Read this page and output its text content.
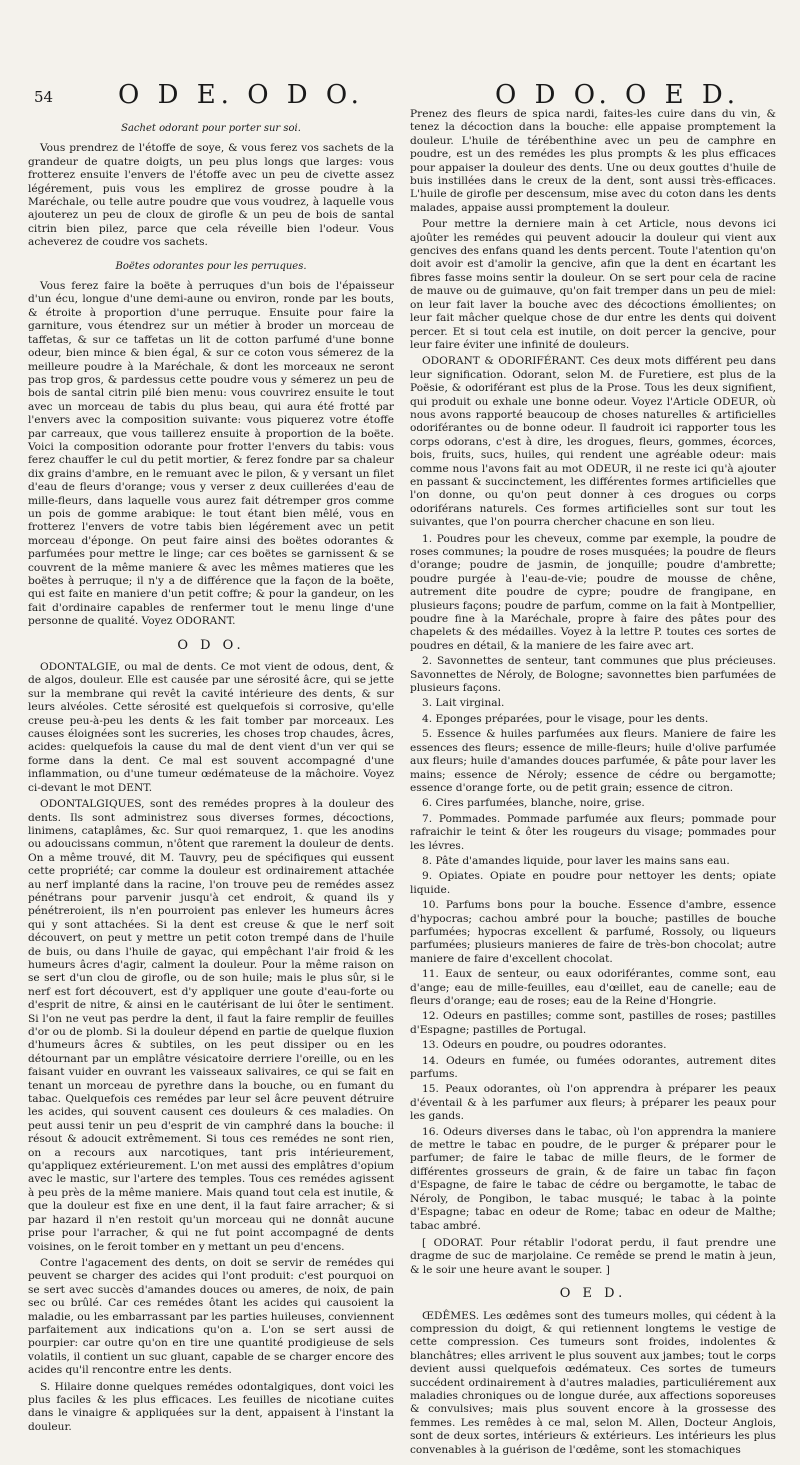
54 O D E. O D O.	O D O. O E D.

Sachet odorant pour porter sur soi.

Vous prendrez de l'étoffe de soye, & vous ferez vos sachets de la grandeur de quatre doigts, un peu plus longs que larges: vous frotterez ensuite l'envers de l'étoffe avec un peu de civette assez légérement, puis vous les emplirez de grosse poudre à la Maréchale, ou telle autre poudre que vous voudrez, à laquelle vous ajouterez un peu de cloux de girofle & un peu de bois de santal citrin bien pilez, parce que cela réveille bien l'odeur. Vous acheverez de coudre vos sachets.

Boëtes odorantes pour les perruques.

Vous ferez faire la boëte à perruques d'un bois de l'épaisseur d'un écu, longue d'une demi-aune ou environ, ronde par les bouts, & étroite à proportion d'une perruque. Ensuite pour faire la garniture, vous étendrez sur un métier à broder un morceau de taffetas, & sur ce taffetas un lit de cotton parfumé d'une bonne odeur, bien mince & bien égal, & sur ce coton vous sémerez de la meilleure poudre à la Maréchale, & dont les morceaux ne seront pas trop gros, & pardessus cette poudre vous y sémerez un peu de bois de santal citrin pilé bien menu: vous couvrirez ensuite le tout avec un morceau de tabis du plus beau, qui aura été frotté par l'envers avec la composition suivante: vous piquerez votre étoffe par carreaux, que vous taillerez ensuite à proportion de la boëte. Voici la composition odorante pour frotter l'envers du tabis: vous ferez chauffer le cul du petit mortier, & ferez fondre par sa chaleur dix grains d'ambre, en le remuant avec le pilon, & y versant un filet d'eau de fleurs d'orange; vous y verser z deux cuillerées d'eau de mille-fleurs, dans laquelle vous aurez fait détremper gros comme un pois de gomme arabique: le tout étant bien mêlé, vous en frotterez l'envers de votre tabis bien légérement avec un petit morceau d'éponge. On peut faire ainsi des boëtes odorantes & parfumées pour mettre le linge; car ces boëtes se garnissent & se couvrent de la même maniere & avec les mêmes matieres que les boëtes à perruque; il n'y a de différence que la façon de la boëte, qui est faite en maniere d'un petit coffre; & pour la gandeur, on les fait d'ordinaire capables de renfermer tout le menu linge d'une personne de qualité. Voyez ODORANT.

O D O.

ODONTALGIE, ou mal de dents. Ce mot vient de odous, dent, & de algos, douleur. Elle est causée par une sérosité âcre, qui se jette sur la membrane qui revêt la cavité intérieure des dents, & sur leurs alvéoles. Cette sérosité est quelquefois si corrosive, qu'elle creuse peu-à-peu les dents & les fait tomber par morceaux. Les causes éloignées sont les sucreries, les choses trop chaudes, âcres, acides: quelquefois la cause du mal de dent vient d'un ver qui se forme dans la dent. Ce mal est souvent accompagné d'une inflammation, ou d'une tumeur œdémateuse de la mâchoire. Voyez ci-devant le mot DENT.

ODONTALGIQUES, sont des remédes propres à la douleur des dents. Ils sont administrez sous diverses formes, décoctions, linimens, cataplâmes, &c. Sur quoi remarquez, 1. que les anodins ou adoucissans commun, n'ôtent que rarement la douleur de dents. On a même trouvé, dit M. Tauvry, peu de spécifiques qui eussent cette propriété; car comme la douleur est ordinairement attachée au nerf implanté dans la racine, l'on trouve peu de remédes assez pénétrans pour parvenir jusqu'à cet endroit, & quand ils y pénétreroient, ils n'en pourroient pas enlever les humeurs âcres qui y sont attachées. Si la dent est creuse & que le nerf soit découvert, on peut y mettre un petit coton trempé dans de l'huile de buis, ou dans l'huile de gayac, qui empêchant l'air froid & les humeurs âcres d'agir, calment la douleur. Pour la même raison on se sert d'un clou de girofle, ou de son huile; mais le plus sûr, si le nerf est fort découvert, est d'y appliquer une goute d'eau-forte ou d'esprit de nitre, & ainsi en le cautérisant de lui ôter le sentiment. Si l'on ne veut pas perdre la dent, il faut la faire remplir de feuilles d'or ou de plomb. Si la douleur dépend en partie de quelque fluxion d'humeurs âcres & subtiles, on les peut dissiper ou en les détournant par un emplâtre vésicatoire derriere l'oreille, ou en les faisant vuider en ouvrant les vaisseaux salivaires, ce qui se fait en tenant un morceau de pyrethre dans la bouche, ou en fumant du tabac. Quelquefois ces remédes par leur sel âcre peuvent détruire les acides, qui souvent causent ces douleurs & ces maladies. On peut aussi tenir un peu d'esprit de vin camphré dans la bouche: il résout & adoucit extrêmement. Si tous ces remédes ne sont rien, on a recours aux narcotiques, tant pris intérieurement, qu'appliquez extérieurement. L'on met aussi des emplâtres d'opium avec le mastic, sur l'artere des temples. Tous ces remédes agissent à peu près de la même maniere. Mais quand tout cela est inutile, & que la douleur est fixe en une dent, il la faut faire arracher; & si par hazard il n'en restoit qu'un morceau qui ne donnât aucune prise pour l'arracher, & qui ne fut point accompagné de dents voisines, on le feroit tomber en y mettant un peu d'encens.

Contre l'agacement des dents, on doit se servir de remédes qui peuvent se charger des acides qui l'ont produit: c'est pourquoi on se sert avec succès d'amandes douces ou ameres, de noix, de pain sec ou brûlé. Car ces remédes ôtant les acides qui causoient la maladie, ou les embarrassant par les parties huileuses, conviennent parfaitement aux indications qu'on a. L'on se sert aussi de pourpier: car outre qu'on en tire une quantité prodigieuse de sels volatils, il contient un suc gluant, capable de se charger encore des acides qu'il rencontre entre les dents.

S. Hilaire donne quelques remédes odontalgiques, dont voici les plus faciles & les plus efficaces. Les feuilles de nicotiane cuites dans le vinaigre & appliquées sur la dent, appaisent à l'instant la douleur.

Prenez des fleurs de spica nardi, faites-les cuire dans du vin, & tenez la décoction dans la bouche: elle appaise promptement la douleur. L'huile de térébenthine avec un peu de camphre en poudre, est un des remédes les plus prompts & les plus efficaces pour appaiser la douleur des dents. Une ou deux gouttes d'huile de buis instillées dans le creux de la dent, sont aussi très-efficaces. L'huile de girofle per descensum, mise avec du coton dans les dents malades, appaise aussi promptement la douleur.

Pour mettre la derniere main à cet Article, nous devons ici ajoûter les remédes qui peuvent adoucir la douleur qui vient aux gencives des enfans quand les dents percent. Toute l'atention qu'on doit avoir est d'amolir la gencive, afin que la dent en écartant les fibres fasse moins sentir la douleur. On se sert pour cela de racine de mauve ou de guimauve, qu'on fait tremper dans un peu de miel: on leur fait laver la bouche avec des décoctions émollientes; on leur fait mâcher quelque chose de dur entre les dents qui doivent percer. Et si tout cela est inutile, on doit percer la gencive, pour leur faire éviter une infinité de douleurs.

ODORANT & ODORIFÉRANT. Ces deux mots différent peu dans leur signification. Odorant, selon M. de Furetiere, est plus de la Poësie, & odoriférant est plus de la Prose. Tous les deux signifient, qui produit ou exhale une bonne odeur. Voyez l'Article ODEUR, où nous avons rapporté beaucoup de choses naturelles & artificielles odoriférantes ou de bonne odeur. Il faudroit ici rapporter tous les corps odorans, c'est à dire, les drogues, fleurs, gommes, écorces, bois, fruits, sucs, huiles, qui rendent une agréable odeur: mais comme nous l'avons fait au mot ODEUR, il ne reste ici qu'à ajouter en passant & succinctement, les différentes formes artificielles que l'on donne, ou qu'on peut donner à ces drogues ou corps odoriférans naturels. Ces formes artificielles sont sur tout les suivantes, que l'on pourra chercher chacune en son lieu.

1. Poudres pour les cheveux, comme par exemple, la poudre de roses communes; la poudre de roses musquées; la poudre de fleurs d'orange; poudre de jasmin, de jonquille; poudre d'ambrette; poudre purgée à l'eau-de-vie; poudre de mousse de chêne, autrement dite poudre de cypre; poudre de frangipane, en plusieurs façons; poudre de parfum, comme on la fait à Montpellier, poudre fine à la Maréchale, propre à faire des pâtes pour des chapelets & des médailles. Voyez à la lettre P. toutes ces sortes de poudres en détail, & la maniere de les faire avec art.

2. Savonnettes de senteur, tant communes que plus précieuses. Savonnettes de Néroly, de Bologne; savonnettes bien parfumées de plusieurs façons.

3. Lait virginal.

4. Eponges préparées, pour le visage, pour les dents.

5. Essence & huiles parfumées aux fleurs. Maniere de faire les essences des fleurs; essence de mille-fleurs; huile d'olive parfumée aux fleurs; huile d'amandes douces parfumée, & pâte pour laver les mains; essence de Néroly; essence de cédre ou bergamotte; essence d'orange forte, ou de petit grain; essence de citron.

6. Cires parfumées, blanche, noire, grise.

7. Pommades. Pommade parfumée aux fleurs; pommade pour rafraichir le teint & ôter les rougeurs du visage; pommades pour les lévres.

8. Pâte d'amandes liquide, pour laver les mains sans eau.

9. Opiates. Opiate en poudre pour nettoyer les dents; opiate liquide.

10. Parfums bons pour la bouche. Essence d'ambre, essence d'hypocras; cachou ambré pour la bouche; pastilles de bouche parfumées; hypocras excellent & parfumé, Rossoly, ou liqueurs parfumées; plusieurs manieres de faire de très-bon chocolat; autre maniere de faire d'excellent chocolat.

11. Eaux de senteur, ou eaux odoriférantes, comme sont, eau d'ange; eau de mille-feuilles, eau d'œillet, eau de canelle; eau de fleurs d'orange; eau de roses; eau de la Reine d'Hongrie.

12. Odeurs en pastilles; comme sont, pastilles de roses; pastilles d'Espagne; pastilles de Portugal.

13. Odeurs en poudre, ou poudres odorantes.

14. Odeurs en fumée, ou fumées odorantes, autrement dites parfums.

15. Peaux odorantes, où l'on apprendra à préparer les peaux d'éventail & à les parfumer aux fleurs; à préparer les peaux pour les gands.

16. Odeurs diverses dans le tabac, où l'on apprendra la maniere de mettre le tabac en poudre, de le purger & préparer pour le parfumer; de faire le tabac de mille fleurs, de le former de différentes grosseurs de grain, & de faire un tabac fin façon d'Espagne, de faire le tabac de cédre ou bergamotte, le tabac de Néroly, de Pongibon, le tabac musqué; le tabac à la pointe d'Espagne; tabac en odeur de Rome; tabac en odeur de Malthe; tabac ambré.

[ ODORAT. Pour rétablir l'odorat perdu, il faut prendre une dragme de suc de marjolaine. Ce remêde se prend le matin à jeun, & le soir une heure avant le souper. ]

O E D.

ŒDÊMES. Les œdêmes sont des tumeurs molles, qui cédent à la compression du doigt, & qui retiennent longtems le vestige de cette compression. Ces tumeurs sont froides, indolentes & blanchâtres; elles arrivent le plus souvent aux jambes; tout le corps devient aussi quelquefois œdémateux. Ces sortes de tumeurs succédent ordinairement à d'autres maladies, particuliérement aux maladies chroniques ou de longue durée, aux affections soporeuses & convulsives; mais plus souvent encore à la grossesse des femmes. Les remêdes à ce mal, selon M. Allen, Docteur Anglois, sont de deux sortes, intérieurs & extérieurs. Les intérieurs les plus convenables à la guérison de l'œdême, sont les stomachiques
